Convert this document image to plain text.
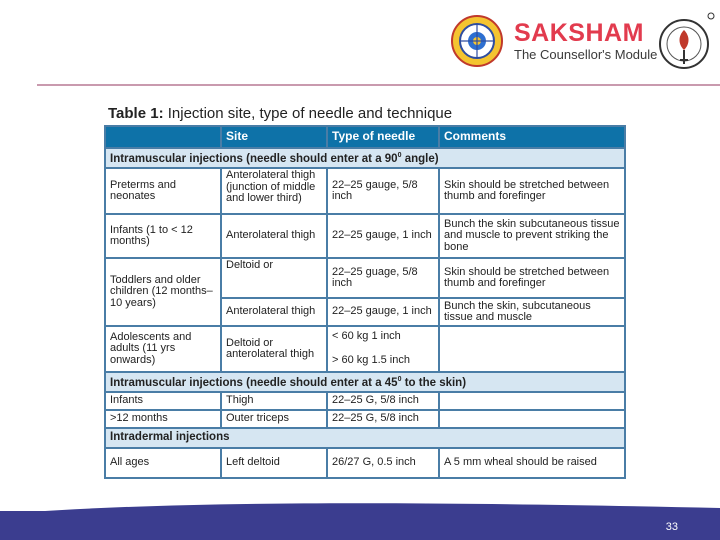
SAKSHAM
The Counsellor's Module
Table 1: Injection site, type of needle and technique
	Site	Type of needle	Comments
Intramuscular injections (needle should enter at a $90^0$ angle)			
Preterms and neonates	Anterolateral thigh (junction of middle and lower third)	22–25 gauge, 5/8 inch	Skin should be stretched between thumb and forefinger
Infants (1 to < 12 months)	Anterolateral thigh	22–25 gauge, 1 inch	Bunch the skin subcutaneous tissue and muscle to prevent striking the bone
Toddlers and older children (12 months– 10 years)	Deltoid or	22–25 guage, 5/8 inch	Skin should be stretched between thumb and forefinger
	Anterolateral thigh	22–25 gauge, 1 inch	Bunch the skin, subcutaneous tissue and muscle
Adolescents and adults (11 yrs onwards)	Deltoid or anterolateral thigh	< 60 kg 1 inch
> 60 kg 1.5 inch	

Intramuscular injections (needle should enter at a $45^0$ to the skin)			
Infants	Thigh	22–25 G, 5/8 inch	
>12 months	Outer triceps	22–25 G, 5/8 inch	
Intradermal injections			
All ages	Left deltoid	26/27 G, 0.5 inch	A 5 mm wheal should be raised
33
